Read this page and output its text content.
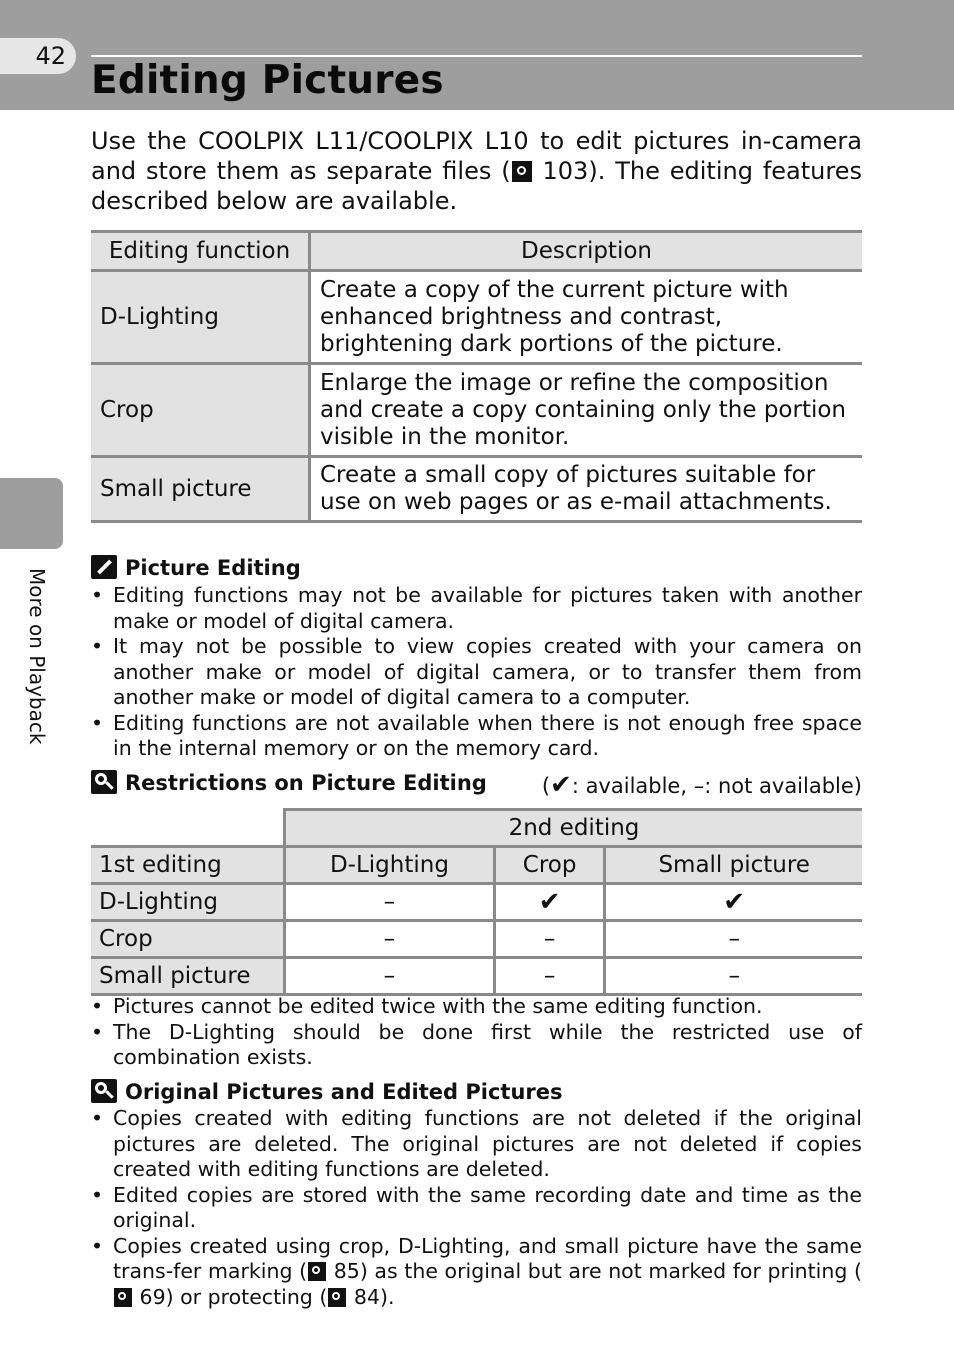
42
Editing Pictures
More on Playback
Use the COOLPIX L11/COOLPIX L10 to edit pictures in-camera and store them as separate files ( 103). The editing features described below are available.
Editing function	Description
D-Lighting	Create a copy of the current picture with enhanced brightness and contrast, brightening dark portions of the picture.
Crop	Enlarge the image or refine the composition and create a copy containing only the portion visible in the monitor.
Small picture	Create a small copy of pictures suitable for use on web pages or as e-mail attachments.
Picture Editing
• Editing functions may not be available for pictures taken with another make or model of digital camera.
• It may not be possible to view copies created with your camera on another make or model of digital camera, or to transfer them from another make or model of digital camera to a computer.
• Editing functions are not available when there is not enough free space in the internal memory or on the memory card.
Restrictions on Picture Editing	(✔: available, –: not available)
	2nd editing		
1st editing	D-Lighting	Crop	Small picture
D-Lighting	–	✔	✔
Crop	–	–	–
Small picture	–	–	–
• Pictures cannot be edited twice with the same editing function.
• The D-Lighting should be done first while the restricted use of combination exists.
Original Pictures and Edited Pictures
• Copies created with editing functions are not deleted if the original pictures are deleted. The original pictures are not deleted if copies created with editing functions are deleted.
• Edited copies are stored with the same recording date and time as the original.
• Copies created using crop, D-Lighting, and small picture have the same trans-fer marking ( 85) as the original but are not marked for printing ( 69) or protecting ( 84).
